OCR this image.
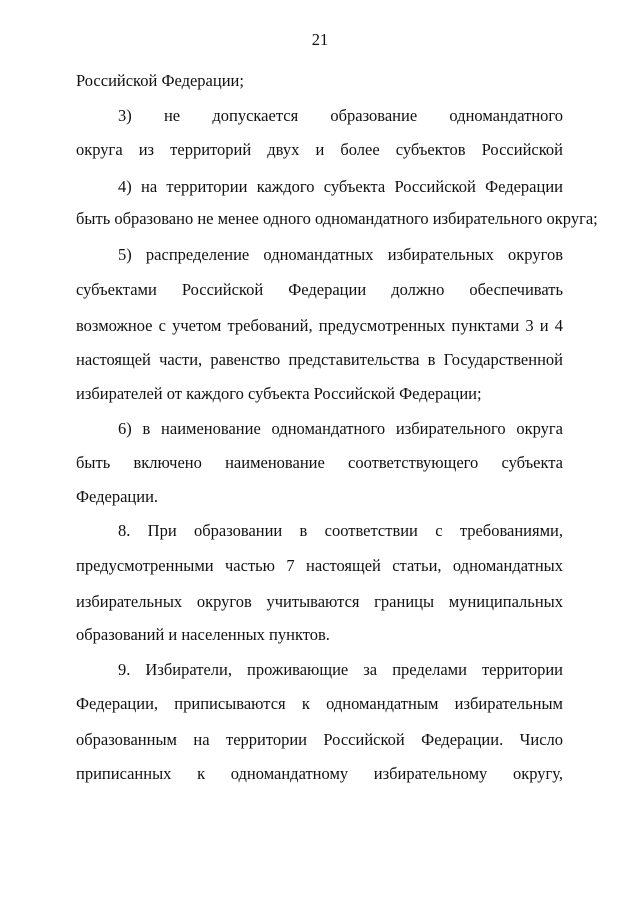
21
Российской Федерации;
3) не допускается образование одномандатного
округа из территорий двух и более субъектов Российской
4) на территории каждого субъекта Российской Федерации
быть образовано не менее одного одномандатного избирательного округа;
5) распределение одномандатных избирательных округов
субъектами Российской Федерации должно обеспечивать
возможное с учетом требований, предусмотренных пунктами 3 и 4
настоящей части, равенство представительства в Государственной
избирателей от каждого субъекта Российской Федерации;
6) в наименование одномандатного избирательного округа
быть включено наименование соответствующего субъекта
Федерации.
8. При образовании в соответствии с требованиями,
предусмотренными частью 7 настоящей статьи, одномандатных
избирательных округов учитываются границы муниципальных
образований и населенных пунктов.
9. Избиратели, проживающие за пределами территории
Федерации, приписываются к одномандатным избирательным
образованным на территории Российской Федерации. Число
приписанных к одномандатному избирательному округу,
